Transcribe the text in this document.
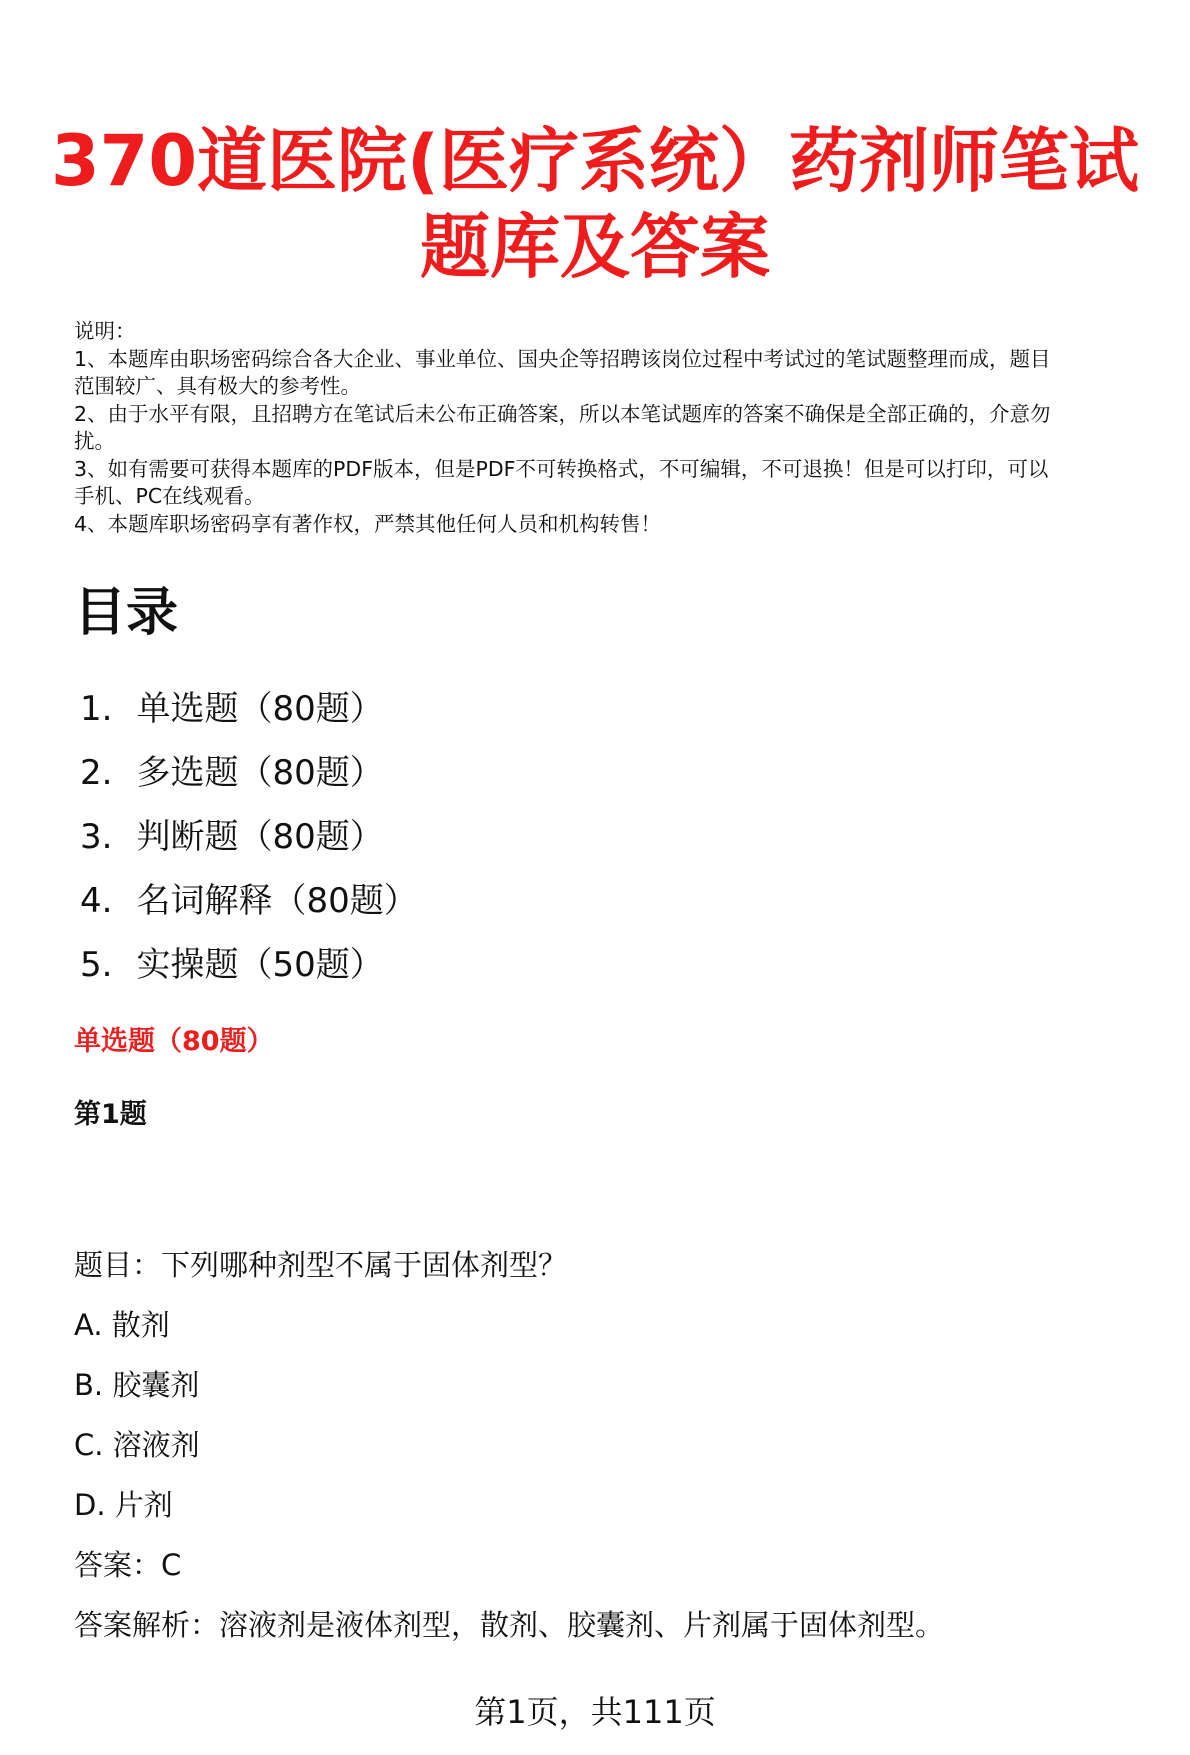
370道医院(医疗系统）药剂师笔试
题库及答案
说明：
1、本题库由职场密码综合各大企业、事业单位、国央企等招聘该岗位过程中考试过的笔试题整理而成，题目
范围较广、具有极大的参考性。
2、由于水平有限，且招聘方在笔试后未公布正确答案，所以本笔试题库的答案不确保是全部正确的，介意勿
扰。
3、如有需要可获得本题库的PDF版本，但是PDF不可转换格式，不可编辑，不可退换！但是可以打印，可以
手机、PC在线观看。
4、本题库职场密码享有著作权，严禁其他任何人员和机构转售！
目录
1. 单选题（80题）
2. 多选题（80题）
3. 判断题（80题）
4. 名词解释（80题）
5. 实操题（50题）
单选题（80题）
第1题
题目：下列哪种剂型不属于固体剂型？
A. 散剂
B. 胶囊剂
C. 溶液剂
D. 片剂
答案：C
答案解析：溶液剂是液体剂型，散剂、胶囊剂、片剂属于固体剂型。
第1页，共111页
